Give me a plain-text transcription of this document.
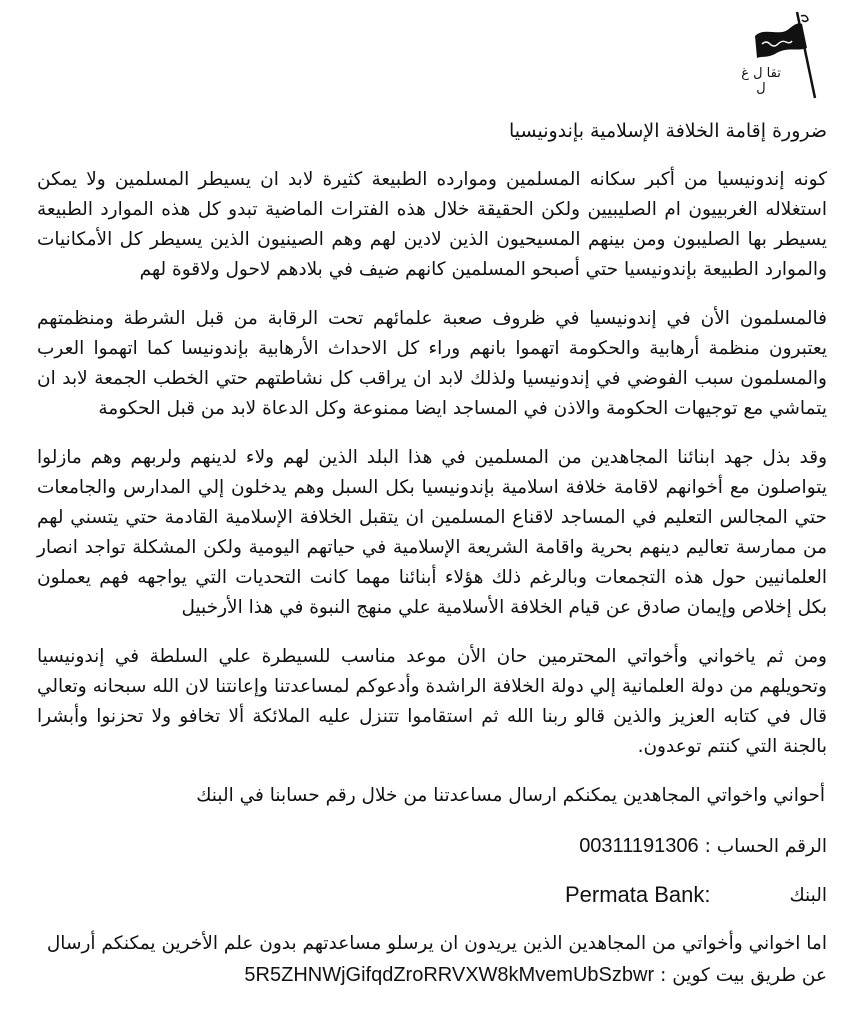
تقا ل غ ل
ضرورة إقامة الخلافة الإسلامية بإندونيسيا

كونه إندونيسيا من أكبر سكانه المسلمين وموارده الطبيعة كثيرة لابد ان يسيطر المسلمين ولا يمكن استغلاله الغربييون ام الصليبيين ولكن الحقيقة خلال هذه الفترات الماضية تبدو كل هذه الموارد الطبيعة يسيطر بها الصليبون ومن بينهم المسيحيون الذين لادين لهم وهم الصينيون الذين يسيطر كل الأمكانيات والموارد الطبيعة بإندونيسيا حتي أصبحو المسلمين كانهم ضيف في بلادهم لاحول ولاقوة لهم

فالمسلمون الأن في إندونيسيا في ظروف صعبة علمائهم تحت الرقابة من قبل الشرطة ومنظمتهم يعتبرون منظمة أرهابية والحكومة اتهموا بانهم وراء كل الاحداث الأرهابية بإندونيسا كما اتهموا العرب والمسلمون سبب الفوضي في إندونيسيا ولذلك لابد ان يراقب كل نشاطتهم حتي الخطب الجمعة لابد ان يتماشي مع توجيهات الحكومة والاذن في المساجد ايضا ممنوعة وكل الدعاة لابد من قبل الحكومة

وقد بذل جهد ابنائنا المجاهدين من المسلمين في هذا البلد الذين لهم ولاء لدينهم ولربهم وهم مازلوا يتواصلون مع أخوانهم لاقامة خلافة اسلامية بإندونيسيا بكل السبل وهم يدخلون إلي المدارس والجامعات حتي المجالس التعليم في المساجد لاقناع المسلمين ان يتقبل الخلافة الإسلامية القادمة حتي يتسني لهم من ممارسة تعاليم دينهم بحرية واقامة الشريعة الإسلامية في حياتهم اليومية ولكن المشكلة تواجد انصار العلمانيين حول هذه التجمعات وبالرغم ذلك هؤلاء أبنائنا مهما كانت التحديات التي يواجهه فهم يعملون بكل إخلاص وإيمان صادق عن قيام الخلافة الأسلامية علي منهج النبوة في هذا الأرخبيل

ومن ثم ياخواني وأخواتي المحترمين حان الأن موعد مناسب للسيطرة علي السلطة في إندونيسيا وتحويلهم من دولة العلمانية إلي دولة الخلافة الراشدة وأدعوكم لمساعدتنا وإعانتنا لان الله سبحانه وتعالي قال في كتابه العزيز والذين قالو ربنا الله ثم استقاموا تتنزل عليه الملائكة ألا تخافو ولا تحزنوا وأبشرا بالجنة التي كنتم توعدون.

أحواني واخواتي المجاهدين يمكنكم ارسال مساعدتنا من خلال رقم حسابنا في البنك
الرقم الحساب :00311191306
البنك
Permata Bank:

اما اخواني وأخواتي من المجاهدين الذين يريدون ان يرسلو مساعدتهم بدون علم الأخرين يمكنكم أرسال

عن طريق بيت كوين :5R5ZHNWjGifqdZroRRVXW8kMvemUbSzbwr
